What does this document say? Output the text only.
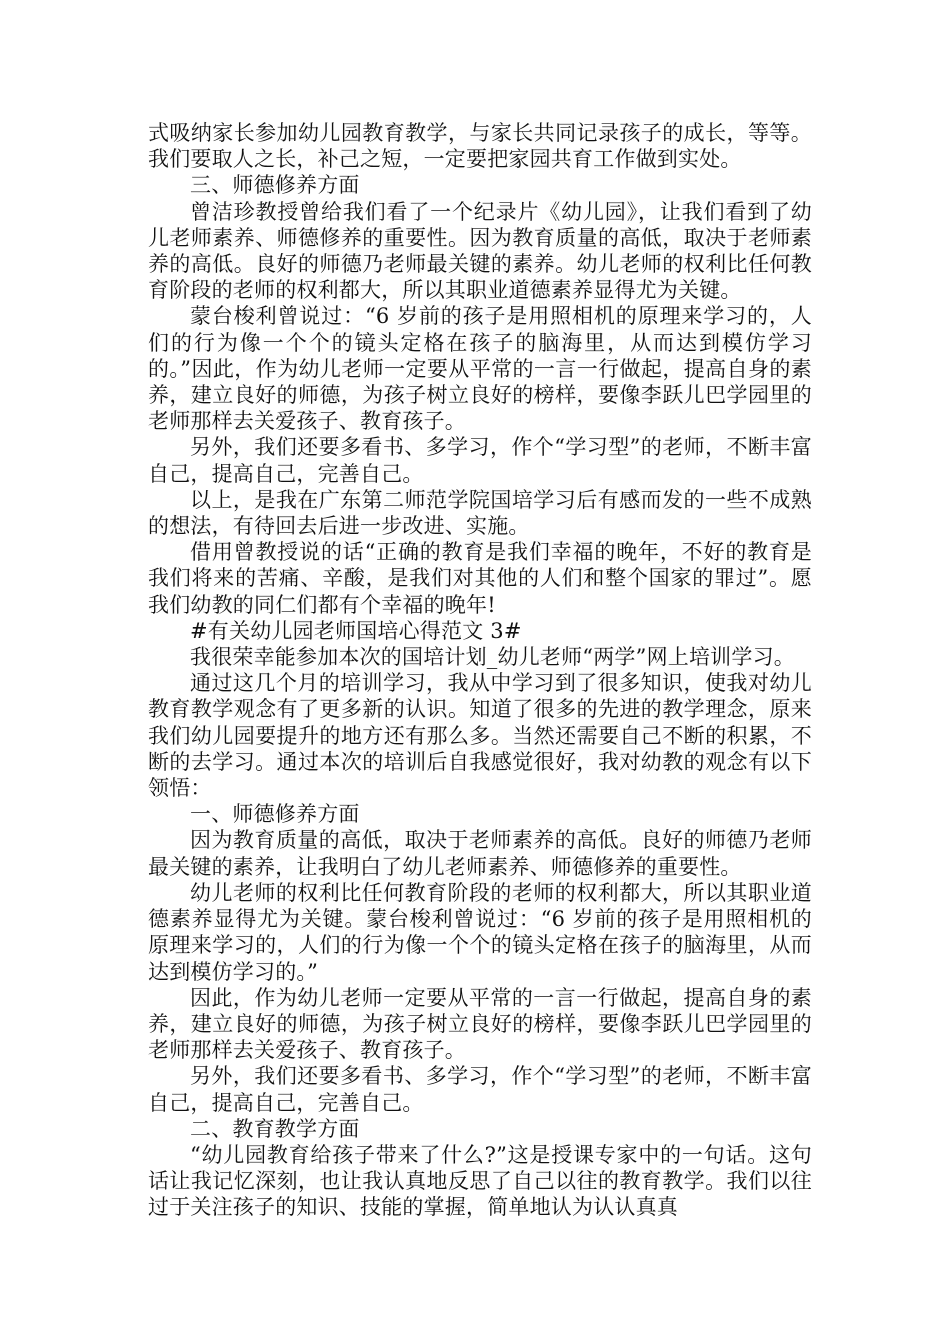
式吸纳家长参加幼儿园教育教学，与家长共同记录孩子的成长，等等。我们要取人之长，补己之短，一定要把家园共育工作做到实处。

三、师德修养方面

曾洁珍教授曾给我们看了一个纪录片《幼儿园》，让我们看到了幼儿老师素养、师德修养的重要性。因为教育质量的高低，取决于老师素养的高低。良好的师德乃老师最关键的素养。幼儿老师的权利比任何教育阶段的老师的权利都大，所以其职业道德素养显得尤为关键。

蒙台梭利曾说过：“6 岁前的孩子是用照相机的原理来学习的，人们的行为像一个个的镜头定格在孩子的脑海里，从而达到模仿学习的。”因此，作为幼儿老师一定要从平常的一言一行做起，提高自身的素养，建立良好的师德，为孩子树立良好的榜样，要像李跃儿巴学园里的老师那样去关爱孩子、教育孩子。

另外，我们还要多看书、多学习，作个“学习型”的老师，不断丰富自己，提高自己，完善自己。

以上，是我在广东第二师范学院国培学习后有感而发的一些不成熟的想法，有待回去后进一步改进、实施。

借用曾教授说的话“正确的教育是我们幸福的晚年，不好的教育是我们将来的苦痛、辛酸，是我们对其他的人们和整个国家的罪过”。愿我们幼教的同仁们都有个幸福的晚年!

#有关幼儿园老师国培心得范文 3#

我很荣幸能参加本次的国培计划_幼儿老师“两学”网上培训学习。

通过这几个月的培训学习，我从中学习到了很多知识，使我对幼儿教育教学观念有了更多新的认识。知道了很多的先进的教学理念，原来我们幼儿园要提升的地方还有那么多。当然还需要自己不断的积累，不断的去学习。通过本次的培训后自我感觉很好，我对幼教的观念有以下领悟：

一、师德修养方面

因为教育质量的高低，取决于老师素养的高低。良好的师德乃老师最关键的素养，让我明白了幼儿老师素养、师德修养的重要性。

幼儿老师的权利比任何教育阶段的老师的权利都大，所以其职业道德素养显得尤为关键。蒙台梭利曾说过：“6 岁前的孩子是用照相机的原理来学习的，人们的行为像一个个的镜头定格在孩子的脑海里，从而达到模仿学习的。”

因此，作为幼儿老师一定要从平常的一言一行做起，提高自身的素养，建立良好的师德，为孩子树立良好的榜样，要像李跃儿巴学园里的老师那样去关爱孩子、教育孩子。

另外，我们还要多看书、多学习，作个“学习型”的老师，不断丰富自己，提高自己，完善自己。

二、教育教学方面

“幼儿园教育给孩子带来了什么?”这是授课专家中的一句话。这句话让我记忆深刻，也让我认真地反思了自己以往的教育教学。我们以往过于关注孩子的知识、技能的掌握，简单地认为认认真真
